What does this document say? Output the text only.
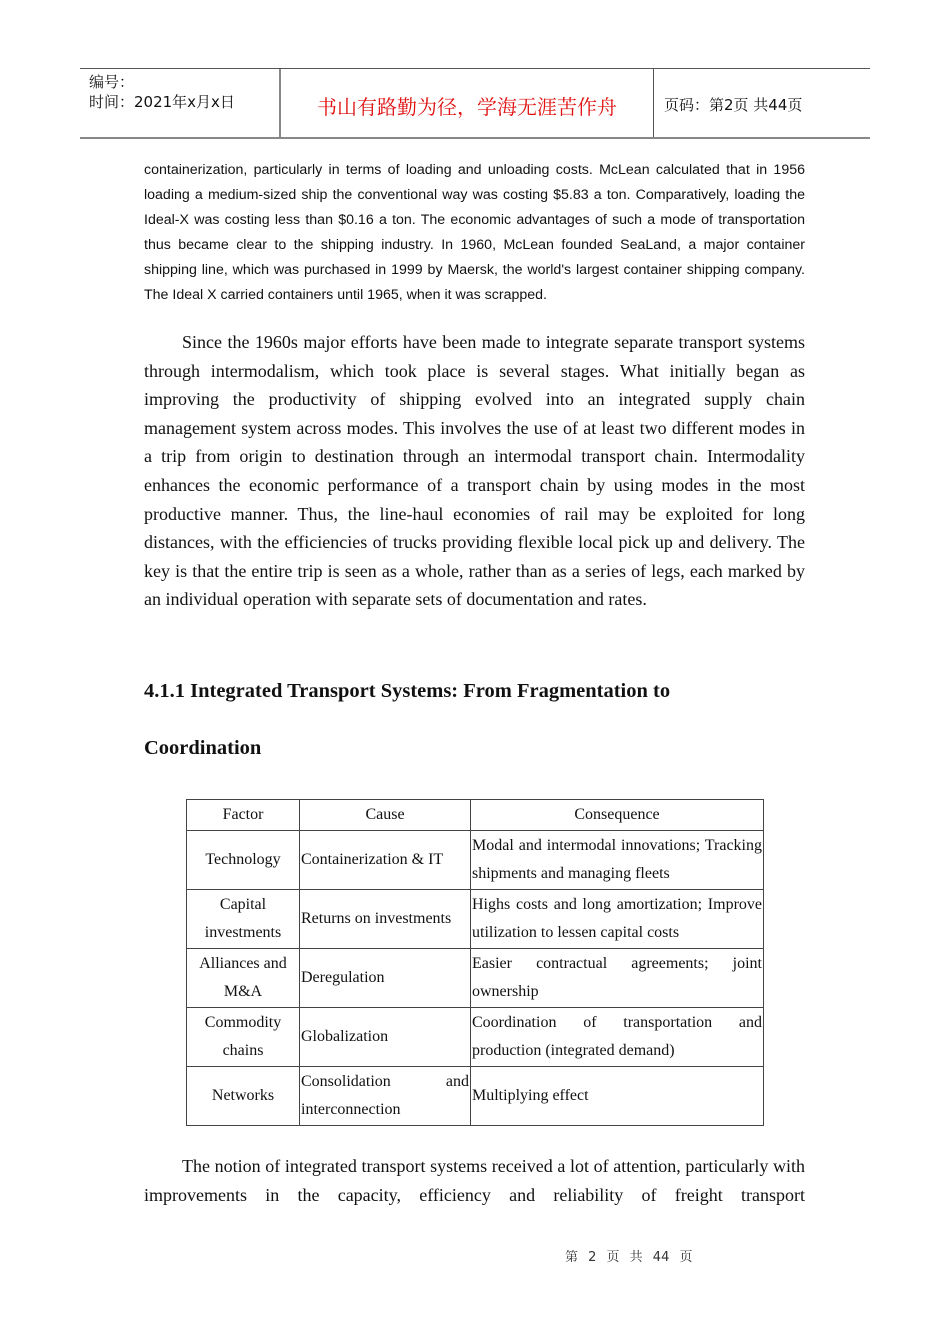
编号：
时间：2021年x月x日	书山有路勤为径，学海无涯苦作舟	页码：第2页 共44页

containerization, particularly in terms of loading and unloading costs. McLean calculated that in 1956 loading a medium-sized ship the conventional way was costing $5.83 a ton. Comparatively, loading the Ideal-X was costing less than $0.16 a ton. The economic advantages of such a mode of transportation thus became clear to the shipping industry. In 1960, McLean founded SeaLand, a major container shipping line, which was purchased in 1999 by Maersk, the world's largest container shipping company. The Ideal X carried containers until 1965, when it was scrapped.

Since the 1960s major efforts have been made to integrate separate transport systems through intermodalism, which took place is several stages. What initially began as improving the productivity of shipping evolved into an integrated supply chain management system across modes. This involves the use of at least two different modes in a trip from origin to destination through an intermodal transport chain. Intermodality enhances the economic performance of a transport chain by using modes in the most productive manner. Thus, the line-haul economies of rail may be exploited for long distances, with the efficiencies of trucks providing flexible local pick up and delivery. The key is that the entire trip is seen as a whole, rather than as a series of legs, each marked by an individual operation with separate sets of documentation and rates.

4.1.1 Integrated Transport Systems: From Fragmentation to

Coordination

Factor	Cause	Consequence
Technology	Containerization & IT	Modal and intermodal innovations; Tracking shipments and managing fleets
Capital investments	Returns on investments	Highs costs and long amortization; Improve utilization to lessen capital costs
Alliances and M&A	Deregulation	Easier contractual agreements; joint ownership
Commodity chains	Globalization	Coordination of transportation and production (integrated demand)
Networks	Consolidation and interconnection	Multiplying effect

The notion of integrated transport systems received a lot of attention, particularly with improvements in the capacity, efficiency and reliability of freight transport

第 2 页 共 44 页
